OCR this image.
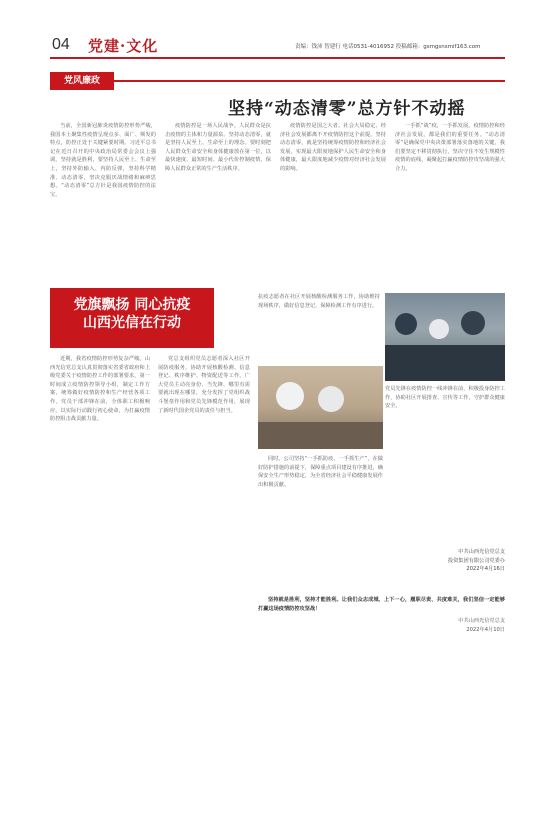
04 党建·文化	责编：钱沛 智建行 电话0531-4016952 投稿邮箱：gsmgsnsmif163.com
党风廉政
坚持“动态清零”总方针不动摇

当前，全国新冠肺炎疫情防控形势严峻，我国本土聚集性疫情呈现点多、面广、频发的特点，防控正处于关键紧要时期。习近平总书记在近日召开的中央政治局常委会会议上强调，坚持就是胜利，要坚持人民至上、生命至上，坚持外防输入、内防反弹，坚持科学精准、动态清零，坚决克服厌战情绪和麻痹思想。“动态清零”总方针是我国疫情防控的法宝。

疫情防控是一场人民战争。人民群众是抗击疫情的主体和力量源泉。坚持动态清零，就是坚持人民至上、生命至上的理念。要时刻把人民群众生命安全和身体健康放在第一位，以最快速度、最短时间、最小代价控制疫情，保障人民群众正常的生产生活秩序。

疫情防控是国之大者。社会大局稳定、经济社会发展都离不开疫情防控这个前提。坚持动态清零，就是坚持统筹疫情防控和经济社会发展，实现最大限度地保护人民生命安全和身体健康，最大限度地减少疫情对经济社会发展的影响。

一手抓“战”疫，一手抓发展。疫情防控和经济社会发展，都是我们的重要任务。“动态清零”是确保党中央决策部署落实落地的关键。我们要坚定不移贯彻执行，坚决守住不发生规模性疫情的底线，凝聚起打赢疫情防控攻坚战的强大合力。

党旗飘扬 同心抗疫
山西光信在行动

近期，我省疫情防控形势复杂严峻。山西光信党总支认真贯彻落实省委省政府和上级党委关于疫情防控工作的部署要求，第一时间成立疫情防控领导小组，制定工作方案，统筹做好疫情防控和生产经营各项工作。党员干部冲锋在前，全体职工积极响应，以实际行动践行初心使命，为打赢疫情防控阻击战贡献力量。

党总支组织党员志愿者深入社区开展防疫服务，协助开展核酸检测、信息登记、秩序维护、物资配送等工作。广大党员主动亮身份、当先锋，哪里有需要就出现在哪里，充分发挥了党组织战斗堡垒作用和党员先锋模范作用，展现了新时代国企党员的责任与担当。

同时，公司坚持“一手抓防疫、一手抓生产”，在做好防护措施的前提下，保障重点项目建设有序推进，确保安全生产形势稳定，为全省经济社会平稳健康发展作出积极贡献。

抗疫志愿者在社区开展核酸检测服务工作，协助维持现场秩序，做好信息登记，保障检测工作有序进行。
党员先锋在疫情防控一线冲锋在前，积极投身防控工作，协助社区开展排查、宣传等工作，守护群众健康安全。
中共山西光信党总支
投资集团有限公司党委办
2022年4月16日

坚持就是胜利，坚持才能胜利。让我们众志成城、上下一心，履职尽责、共度难关，我们坚信一定能够打赢这场疫情防控攻坚战！

中共山西光信党总支
2022年4月10日
